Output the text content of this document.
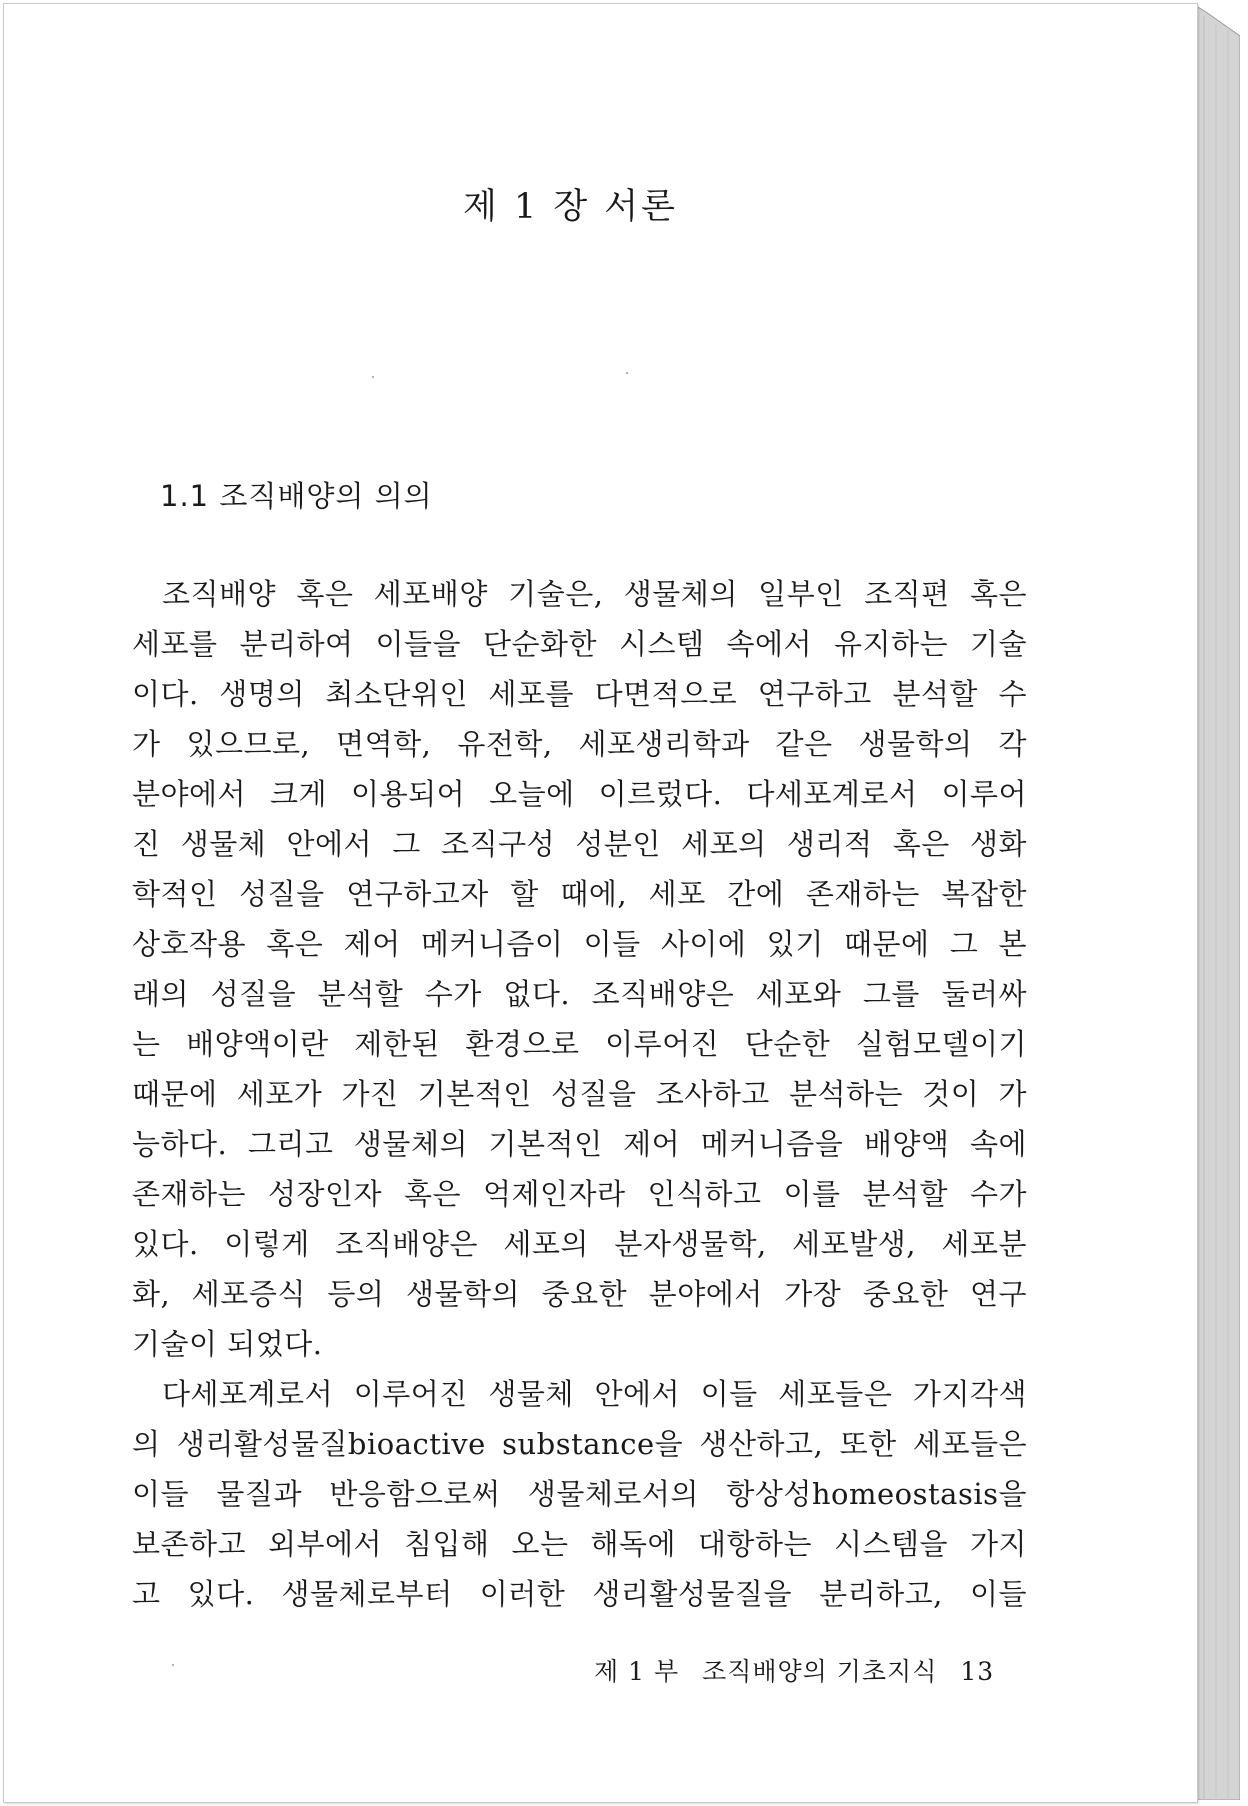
제 1 장 서론
1.1 조직배양의 의의
조직배양 혹은 세포배양 기술은, 생물체의 일부인 조직편 혹은
세포를 분리하여 이들을 단순화한 시스템 속에서 유지하는 기술
이다. 생명의 최소단위인 세포를 다면적으로 연구하고 분석할 수
가 있으므로, 면역학, 유전학, 세포생리학과 같은 생물학의 각
분야에서 크게 이용되어 오늘에 이르렀다. 다세포계로서 이루어
진 생물체 안에서 그 조직구성 성분인 세포의 생리적 혹은 생화
학적인 성질을 연구하고자 할 때에, 세포 간에 존재하는 복잡한
상호작용 혹은 제어 메커니즘이 이들 사이에 있기 때문에 그 본
래의 성질을 분석할 수가 없다. 조직배양은 세포와 그를 둘러싸
는 배양액이란 제한된 환경으로 이루어진 단순한 실험모델이기
때문에 세포가 가진 기본적인 성질을 조사하고 분석하는 것이 가
능하다. 그리고 생물체의 기본적인 제어 메커니즘을 배양액 속에
존재하는 성장인자 혹은 억제인자라 인식하고 이를 분석할 수가
있다. 이렇게 조직배양은 세포의 분자생물학, 세포발생, 세포분
화, 세포증식 등의 생물학의 중요한 분야에서 가장 중요한 연구
기술이 되었다.
다세포계로서 이루어진 생물체 안에서 이들 세포들은 가지각색
의 생리활성물질bioactive substance을 생산하고, 또한 세포들은
이들 물질과 반응함으로써 생물체로서의 항상성homeostasis을
보존하고 외부에서 침입해 오는 해독에 대항하는 시스템을 가지
고 있다. 생물체로부터 이러한 생리활성물질을 분리하고, 이들
제 1 부 조직배양의 기초지식 13
